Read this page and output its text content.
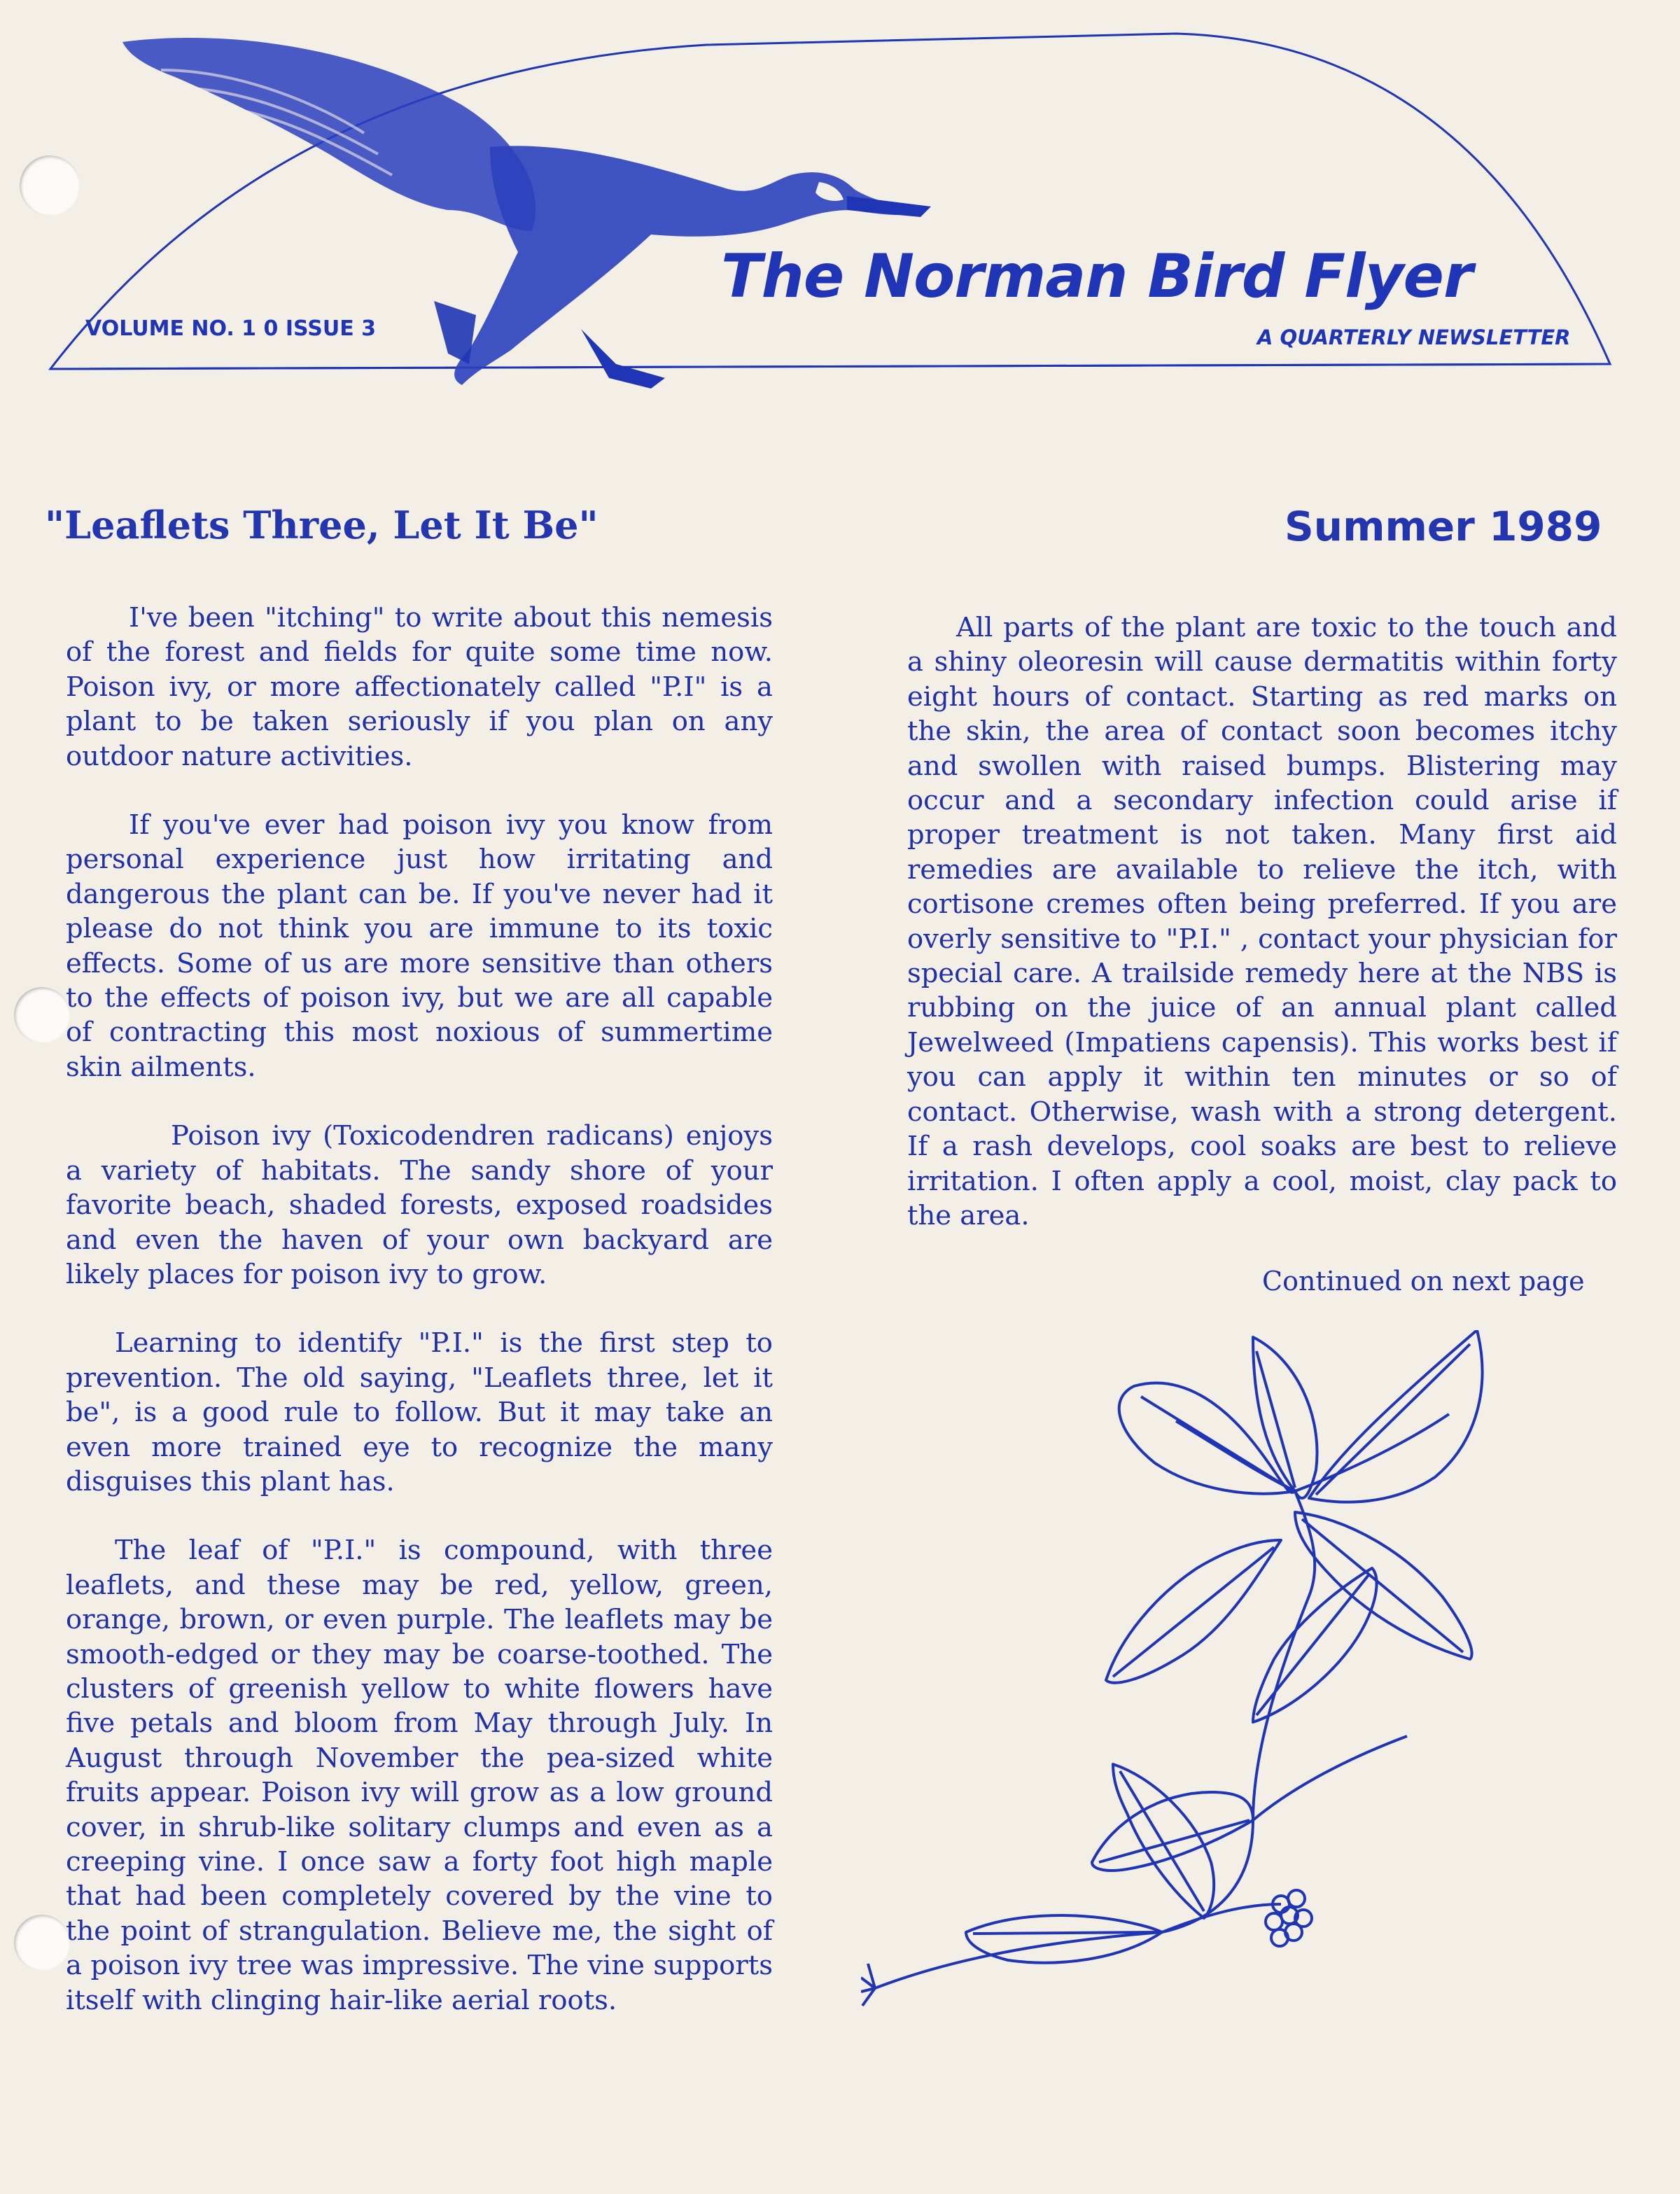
The Norman Bird Flyer
VOLUME NO. 1 0 ISSUE 3	A QUARTERLY NEWSLETTER
"Leaflets Three, Let It Be"	Summer 1989

I've been "itching" to write about this nemesis of the forest and fields for quite some time now. Poison ivy, or more affectionately called "P.I" is a plant to be taken seriously if you plan on any outdoor nature activities.

If you've ever had poison ivy you know from personal experience just how irritating and dangerous the plant can be. If you've never had it please do not think you are immune to its toxic effects. Some of us are more sensitive than others to the effects of poison ivy, but we are all capable of contracting this most noxious of summertime skin ailments.

Poison ivy (Toxicodendren radicans) enjoys a variety of habitats. The sandy shore of your favorite beach, shaded forests, exposed roadsides and even the haven of your own backyard are likely places for poison ivy to grow.

Learning to identify "P.I." is the first step to prevention. The old saying, "Leaflets three, let it be", is a good rule to follow. But it may take an even more trained eye to recognize the many disguises this plant has.

The leaf of "P.I." is compound, with three leaflets, and these may be red, yellow, green, orange, brown, or even purple. The leaflets may be smooth-edged or they may be coarse-toothed. The clusters of greenish yellow to white flowers have five petals and bloom from May through July. In August through November the pea-sized white fruits appear. Poison ivy will grow as a low ground cover, in shrub-like solitary clumps and even as a creeping vine. I once saw a forty foot high maple that had been completely covered by the vine to the point of strangulation. Believe me, the sight of a poison ivy tree was impressive. The vine supports itself with clinging hair-like aerial roots.

All parts of the plant are toxic to the touch and a shiny oleoresin will cause dermatitis within forty eight hours of contact. Starting as red marks on the skin, the area of contact soon becomes itchy and swollen with raised bumps. Blistering may occur and a secondary infection could arise if proper treatment is not taken. Many first aid remedies are available to relieve the itch, with cortisone cremes often being preferred. If you are overly sensitive to "P.I." , contact your physician for special care. A trailside remedy here at the NBS is rubbing on the juice of an annual plant called Jewelweed (Impatiens capensis). This works best if you can apply it within ten minutes or so of contact. Otherwise, wash with a strong detergent. If a rash develops, cool soaks are best to relieve irritation. I often apply a cool, moist, clay pack to the area.

Continued on next page
